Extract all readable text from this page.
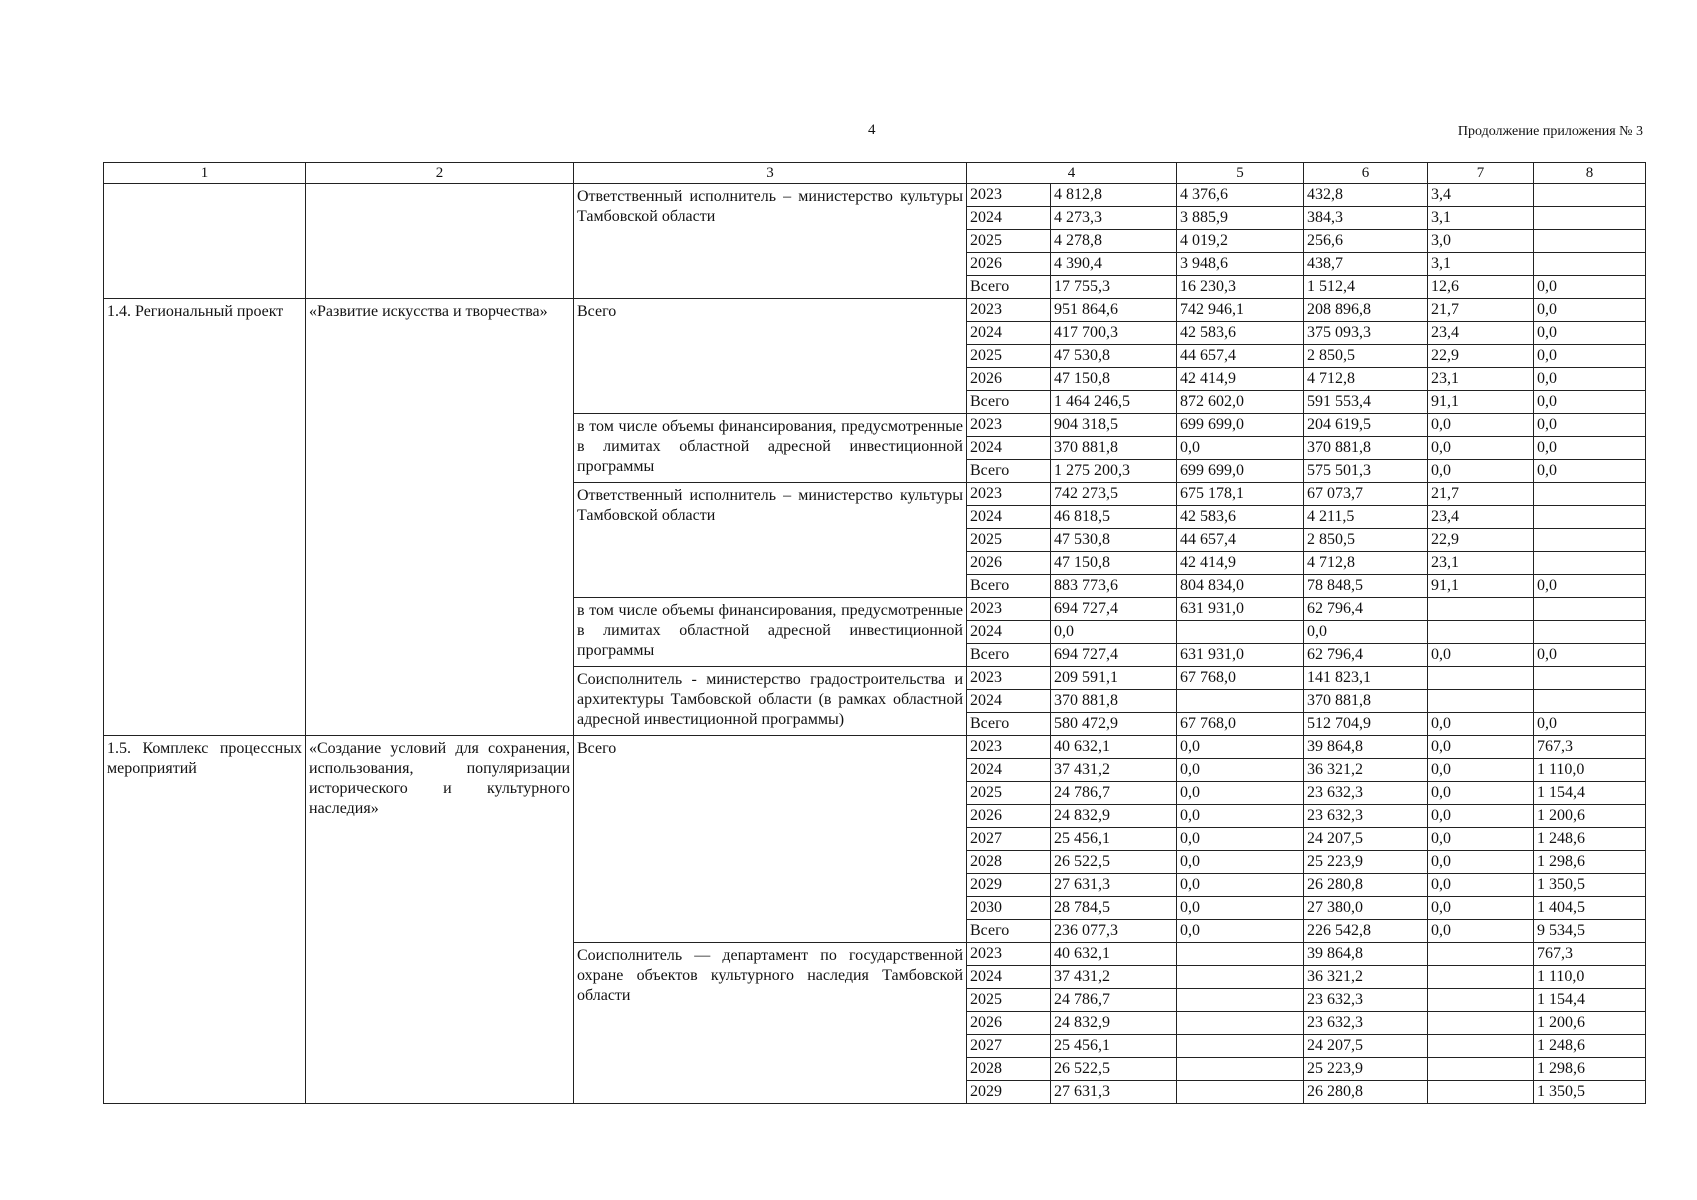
4	Продолжение приложения № 3
1	2	3	4		5	6	7	8
		Ответственный исполнитель – министерство культуры Тамбовской области	2023	4 812,8	4 376,6	432,8	3,4	
			2024	4 273,3	3 885,9	384,3	3,1	
			2025	4 278,8	4 019,2	256,6	3,0	
			2026	4 390,4	3 948,6	438,7	3,1	
			Всего	17 755,3	16 230,3	1 512,4	12,6	0,0
1.4. Региональный проект	«Развитие искусства и творчества»	Всего	2023	951 864,6	742 946,1	208 896,8	21,7	0,0
			2024	417 700,3	42 583,6	375 093,3	23,4	0,0
			2025	47 530,8	44 657,4	2 850,5	22,9	0,0
			2026	47 150,8	42 414,9	4 712,8	23,1	0,0
			Всего	1 464 246,5	872 602,0	591 553,4	91,1	0,0
		в том числе объемы финансирования, предусмотренные в лимитах областной адресной инвестиционной программы	2023	904 318,5	699 699,0	204 619,5	0,0	0,0
			2024	370 881,8	0,0	370 881,8	0,0	0,0
			Всего	1 275 200,3	699 699,0	575 501,3	0,0	0,0
		Ответственный исполнитель – министерство культуры Тамбовской области	2023	742 273,5	675 178,1	67 073,7	21,7	
			2024	46 818,5	42 583,6	4 211,5	23,4	
			2025	47 530,8	44 657,4	2 850,5	22,9	
			2026	47 150,8	42 414,9	4 712,8	23,1	
			Всего	883 773,6	804 834,0	78 848,5	91,1	0,0
		в том числе объемы финансирования, предусмотренные в лимитах областной адресной инвестиционной программы	2023	694 727,4	631 931,0	62 796,4		
			2024	0,0		0,0		
			Всего	694 727,4	631 931,0	62 796,4	0,0	0,0
		Соисполнитель - министерство градостроительства и архитектуры Тамбовской области (в рамках областной адресной инвестиционной программы)	2023	209 591,1	67 768,0	141 823,1		
			2024	370 881,8		370 881,8		
			Всего	580 472,9	67 768,0	512 704,9	0,0	0,0
1.5. Комплекс процессных мероприятий	«Создание условий для сохранения, использования, популяризации исторического и культурного наследия»	Всего	2023	40 632,1	0,0	39 864,8	0,0	767,3
			2024	37 431,2	0,0	36 321,2	0,0	1 110,0
			2025	24 786,7	0,0	23 632,3	0,0	1 154,4
			2026	24 832,9	0,0	23 632,3	0,0	1 200,6
			2027	25 456,1	0,0	24 207,5	0,0	1 248,6
			2028	26 522,5	0,0	25 223,9	0,0	1 298,6
			2029	27 631,3	0,0	26 280,8	0,0	1 350,5
			2030	28 784,5	0,0	27 380,0	0,0	1 404,5
			Всего	236 077,3	0,0	226 542,8	0,0	9 534,5
		Соисполнитель — департамент по государственной охране объектов культурного наследия Тамбовской области	2023	40 632,1		39 864,8		767,3
			2024	37 431,2		36 321,2		1 110,0
			2025	24 786,7		23 632,3		1 154,4
			2026	24 832,9		23 632,3		1 200,6
			2027	25 456,1		24 207,5		1 248,6
			2028	26 522,5		25 223,9		1 298,6
			2029	27 631,3		26 280,8		1 350,5
